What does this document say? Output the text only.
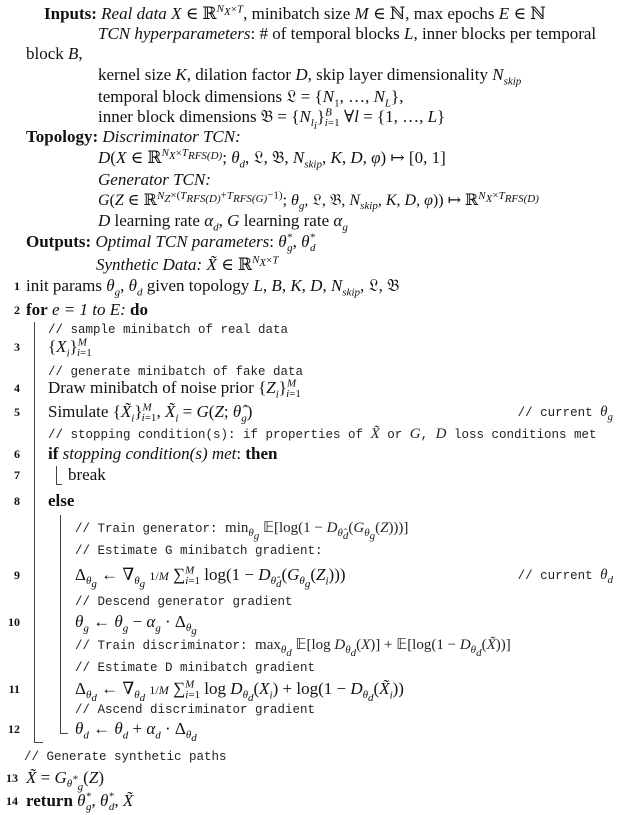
Inputs: Real data X ∈ ℝ$^{N_X\times T}$, minibatch size M ∈ ℕ, max epochs E ∈ ℕ
TCN hyperparameters: # of temporal blocks L, inner blocks per temporal
block B,
kernel size K, dilation factor D, skip layer dimensionality $N_{skip}$
temporal block dimensions 𝔏 = {$N_1$, …, $N_L$},
inner block dimensions 𝔅 = $\{N_{l_i}\}^B_{i=1}$ ∀l = {1, …, L}
Topology: Discriminator TCN:
D(X ∈ ℝ$^{N_X\times T_{RFS(D)}}$; $\theta_d$, 𝔏, 𝔅, $N_{skip}$, K, D, φ) ↦ [0, 1]
Generator TCN:
G(Z ∈ ℝ$^{N_Z\times(T_{RFS(D)}+T_{RFS(G)}-1)}$; $\theta_g$, 𝔏, 𝔅, $N_{skip}$, K, D, φ)) ↦ ℝ$^{N_X\times T_{RFS(D)}}$
D learning rate $\alpha_d$, G learning rate $\alpha_g$
Outputs: Optimal TCN parameters: $\theta^*_g$, $\theta^*_d$
Synthetic Data: X̃ ∈ ℝ$^{N_X\times T}$
1 init params $\theta_g$, $\theta_d$ given topology L, B, K, D, $N_{skip}$, 𝔏, 𝔅
2 for e = 1 to E: do
// sample minibatch of real data
3 $\{X_i\}^M_{i=1}$
// generate minibatch of fake data
4 Draw minibatch of noise prior $\{Z_i\}^M_{i=1}$
5 Simulate $\{X̃_i\}^M_{i=1}$, $X̃_i = G(Z$; $\thetâ_g$)	// current $\theta_g$
// stopping condition(s): if properties of X̃ or G, D loss conditions met
6 if stopping condition(s) met: then
7	break
8 else
// Train generator: $\min_{\theta_g}$ 𝔼[log(1 − $D_{\thetâ_d}(G_{\theta_g}(Z))$)]
// Estimate G minibatch gradient:
9	$\Delta_{\theta_g}$ ← $\nabla_{\theta_g}$ 1/M ∑$^M_{i=1}$ $\log(1 - D_{\thetâ_d}(G_{\theta_g}(Z_i)))$	// current $\theta_d$
// Descend generator gradient
10	$\theta_g$ ← $\theta_g - \alpha_g \cdot \Delta_{\theta_g}$
// Train discriminator: $\max_{\theta_d}$ 𝔼[log $D_{\theta_d}(X)$] + 𝔼[log(1 − $D_{\theta_d}(X̃)$)]
// Estimate D minibatch gradient
11	$\Delta_{\theta_d}$ ← $\nabla_{\theta_d}$ 1/M ∑$^M_{i=1}$ $\log D_{\theta_d}(X_i) + \log(1$ − $D_{\theta_d}(X̃_i)$)
// Ascend discriminator gradient
12	$\theta_d$ ← $\theta_d + \alpha_d \cdot \Delta_{\theta_d}$
// Generate synthetic paths
13 X̃ = $G_{\theta^*_g}(Z)$
14 return $\theta^*_g$, $\theta^*_d$, X̃
